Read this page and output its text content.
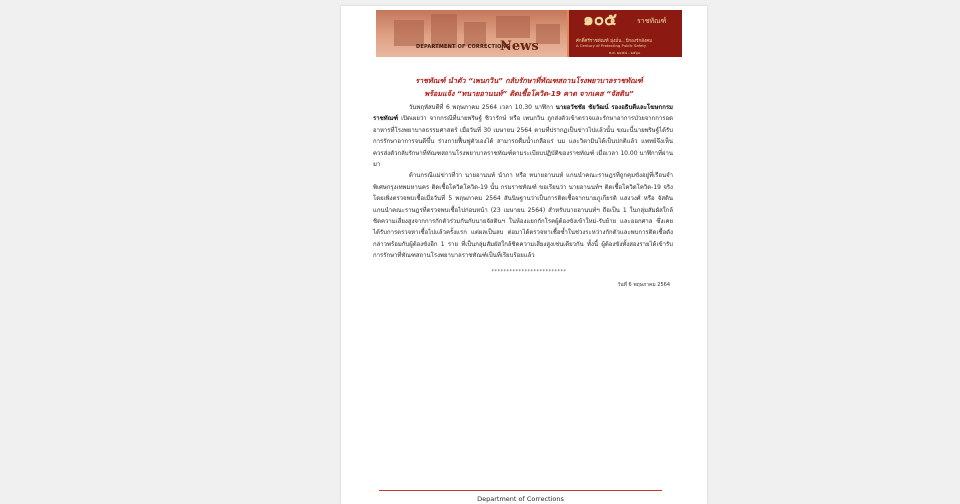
DEPARTMENT OF CORRECTIONS
News
๑๐๕	ราชทัณฑ์
ศักดิ์ศรีราชทัณฑ์ มุ่งมั่น...ปีกองรักสังคม
A Century of Protecting Public Safety
พ.ศ. ๒๔๕๘ - ๒๕๖๓
ราชทัณฑ์ นำตัว “เพนกวิน” กลับรักษาที่ทัณฑสถานโรงพยาบาลราชทัณฑ์
พร้อมแจ้ง “ทนายอานนท์” ติดเชื้อโควิด-19 คาด จากเคส “จัสติน”

วันพฤหัสบดีที่ 6 พฤษภาคม 2564 เวลา 10.30 นาฬิกา นายอวัชชัย ชัยวัฒน์ รองอธิบดีและโฆษกกรมราชทัณฑ์ เปิดเผยว่า จากกรณีที่นายพริษฐ์ ชิวารักษ์ หรือ เพนกวิน ถูกส่งตัวเข้าตรวจและรักษาอาการป่วยจากการอดอาหารที่โรงพยาบาลธรรมศาสตร์ เมื่อวันที่ 30 เมษายน 2564 ตามที่ปรากฏเป็นข่าวไปแล้วนั้น ขณะนี้นายพริษฐ์ได้รับการรักษาอาการจนดีขึ้น ร่างกายฟื้นฟูตัวเองได้ สามารถดื่มน้ำเกลือแร่ นม และวิตามินได้เป็นปกติแล้ว แพทย์จึงเห็นควรส่งตัวกลับรักษาที่ทัณฑสถานโรงพยาบาลราชทัณฑ์ตามระเบียบปฏิบัติของราชทัณฑ์ เมื่อเวลา 10.00 นาฬิกาที่ผ่านมา

ด้านกรณีแม่ข่าวที่ว่า นายอานนท์ นำภา หรือ ทนายอานนท์ แกนนำคณะราษฎรที่ถูกคุมขังอยู่ที่เรือนจำพิเศษกรุงเทพมหานคร ติดเชื้อโควิดโควิด-19 นั้น กรมราชทัณฑ์ ขอเรียนว่า นายอานนท์ฯ ติดเชื้อโควิดโควิด-19 จริง โดยเพิ่งตรวจพบเชื้อเมื่อวันที่ 5 พฤษภาคม 2564 สันนิษฐานว่าเป็นการติดเชื้อจากนายภูเกียรติ แสงวงศ์ หรือ จัสติน แกนนำคณะราษฎรที่ตรวจพบเชื้อไปก่อนหน้า (23 เมษายน 2564) สำหรับนายอานนท์ฯ ถือเป็น 1 ในกลุ่มสัมผัสใกล้ชิดความเสี่ยงสูงจากการกักตัวร่วมกันกับนายจัสตินฯ ในห้องแยกกักโรคผู้ต้องขังเข้าใหม่-รับย้าย และออกศาล ซึ่งเคยได้รับการตรวจหาเชื้อไปแล้วครั้งแรก แต่ผลเป็นลบ ต่อมาได้ตรวจหาเชื้อซ้ำในช่วงระหว่างกักตัวและพบการติดเชื้อดังกล่าวพร้อมกับผู้ต้องขังอีก 1 ราย ที่เป็นกลุ่มสัมผัสใกล้ชิดความเสี่ยงสูงเช่นเดียวกัน ทั้งนี้ ผู้ต้องขังทั้งสองรายได้เข้ารับการรักษาที่ทัณฑสถานโรงพยาบาลราชทัณฑ์เป็นที่เรียบร้อยแล้ว

*************************
วันที่ 6 พฤษภาคม 2564
Department of Corrections
